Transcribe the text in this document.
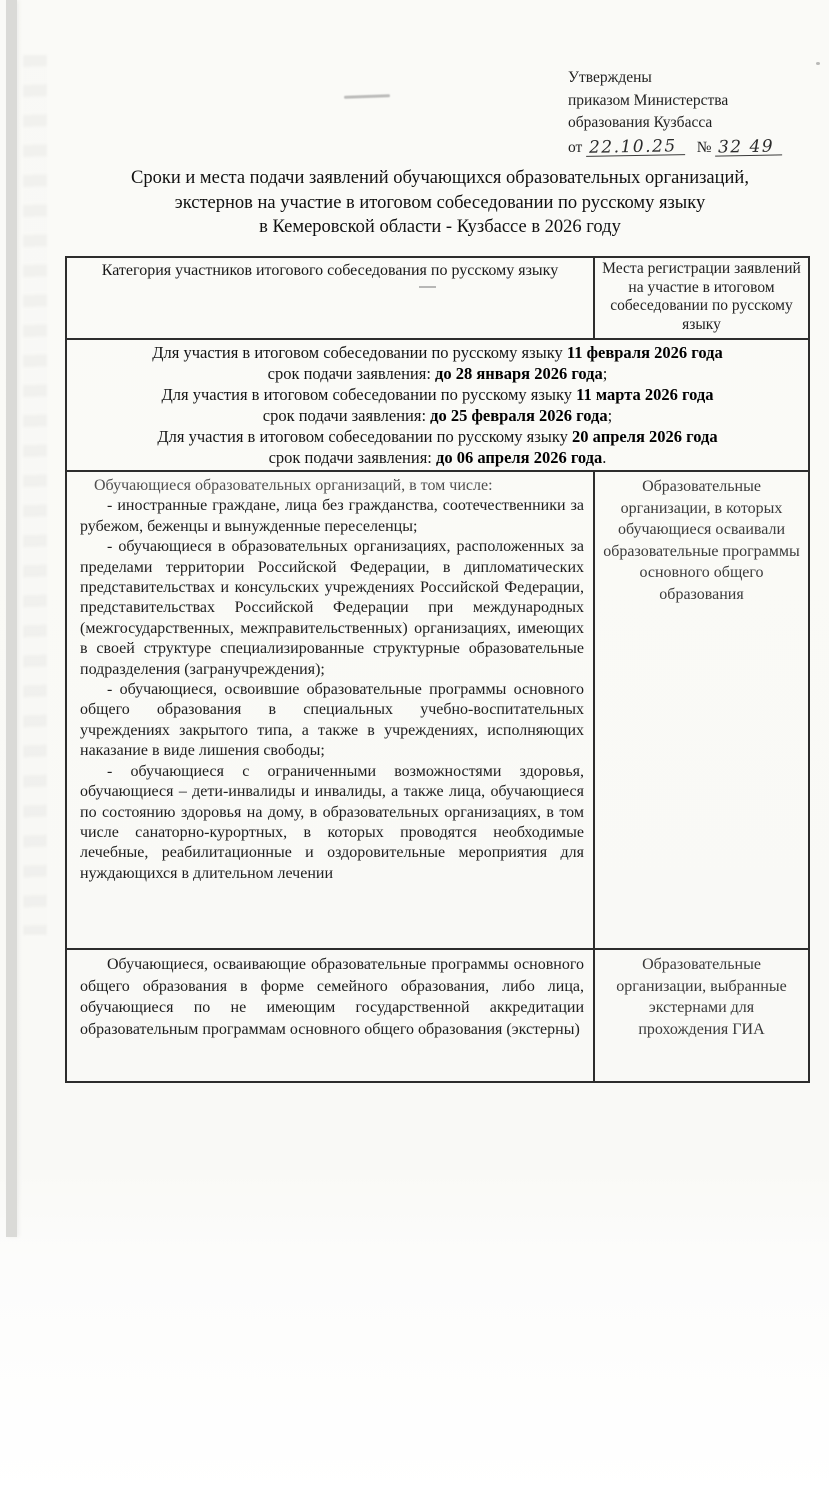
Утверждены
приказом Министерства
образования Кузбасса
от 22.10.25 № 32 49
Сроки и места подачи заявлений обучающихся образовательных организаций,
экстернов на участие в итоговом собеседовании по русскому языку
в Кемеровской области - Кузбассе в 2026 году
Категория участников итогового собеседования по русскому языку	Места регистрации заявлений на участие в итоговом собеседовании по русскому языку

Для участия в итоговом собеседовании по русскому языку 11 февраля 2026 года
срок подачи заявления: до 28 января 2026 года;
Для участия в итоговом собеседовании по русскому языку 11 марта 2026 года
срок подачи заявления: до 25 февраля 2026 года;
Для участия в итоговом собеседовании по русскому языку 20 апреля 2026 года
срок подачи заявления: до 06 апреля 2026 года.

Обучающиеся образовательных организаций, в том числе:

- иностранные граждане, лица без гражданства, соотечественники за рубежом, беженцы и вынужденные переселенцы;

- обучающиеся в образовательных организациях, расположенных за пределами территории Российской Федерации, в дипломатических представительствах и консульских учреждениях Российской Федерации, представительствах Российской Федерации при международных (межгосударственных, межправительственных) организациях, имеющих в своей структуре специализированные структурные образовательные подразделения (загранучреждения);

- обучающиеся, освоившие образовательные программы основного общего образования в специальных учебно-воспитательных учреждениях закрытого типа, а также в учреждениях, исполняющих наказание в виде лишения свободы;

- обучающиеся с ограниченными возможностями здоровья, обучающиеся – дети-инвалиды и инвалиды, а также лица, обучающиеся по состоянию здоровья на дому, в образовательных организациях, в том числе санаторно-курортных, в которых проводятся необходимые лечебные, реабилитационные и оздоровительные мероприятия для нуждающихся в длительном лечении	Образовательные организации, в которых обучающиеся осваивали образовательные программы основного общего образования

Обучающиеся, осваивающие образовательные программы основного общего образования в форме семейного образования, либо лица, обучающиеся по не имеющим государственной аккредитации образовательным программам основного общего образования (экстерны)	Образовательные организации, выбранные экстернами для прохождения ГИА
